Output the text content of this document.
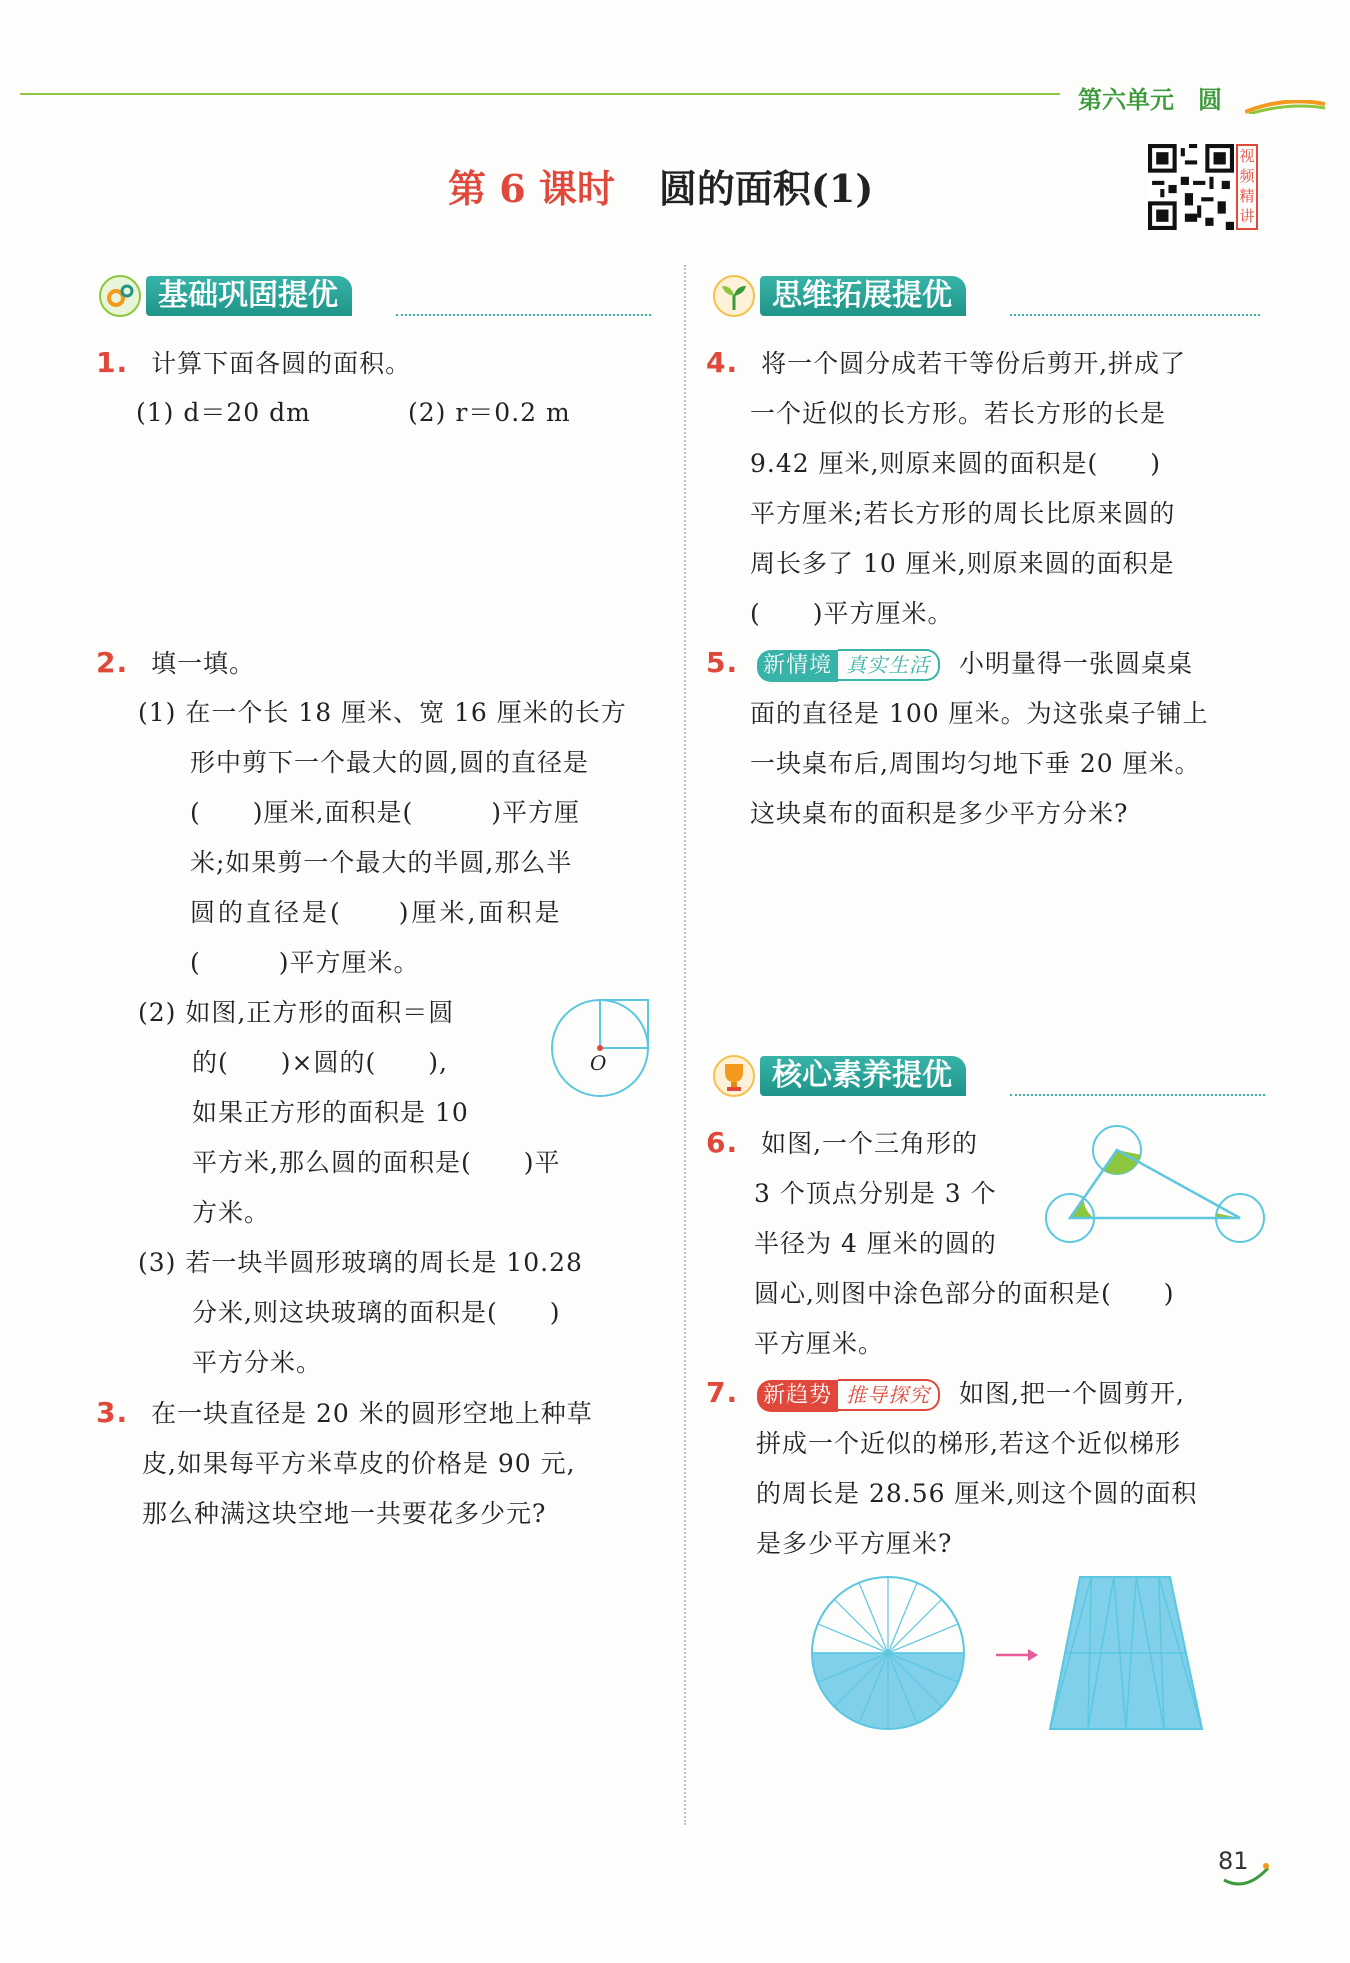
第六单元　圆
第 6 课时 圆的面积(1)
视频精讲
基础巩固提优
1. 计算下面各圆的面积。
(1) d＝20 dm	(2) r＝0.2 m
2. 填一填。
(1) 在一个长 18 厘米、宽 16 厘米的长方
形中剪下一个最大的圆,圆的直径是
(　　)厘米,面积是(　　　)平方厘
米;如果剪一个最大的半圆,那么半
圆的直径是(　　)厘米,面积是
(　　　)平方厘米。
(2) 如图,正方形的面积＝圆
的(　　)×圆的(　　),
如果正方形的面积是 10
平方米,那么圆的面积是(　　)平
方米。
O
(3) 若一块半圆形玻璃的周长是 10.28
分米,则这块玻璃的面积是(　　)
平方分米。
3. 在一块直径是 20 米的圆形空地上种草
皮,如果每平方米草皮的价格是 90 元,
那么种满这块空地一共要花多少元?
思维拓展提优
4. 将一个圆分成若干等份后剪开,拼成了
一个近似的长方形。若长方形的长是
9.42 厘米,则原来圆的面积是(　　)
平方厘米;若长方形的周长比原来圆的
周长多了 10 厘米,则原来圆的面积是
(　　)平方厘米。
5. 新情境 真实生活 小明量得一张圆桌桌
面的直径是 100 厘米。为这张桌子铺上
一块桌布后,周围均匀地下垂 20 厘米。
这块桌布的面积是多少平方分米?
核心素养提优
6. 如图,一个三角形的
3 个顶点分别是 3 个
半径为 4 厘米的圆的
圆心,则图中涂色部分的面积是(　　)
平方厘米。
7. 新趋势 推导探究 如图,把一个圆剪开,
拼成一个近似的梯形,若这个近似梯形
的周长是 28.56 厘米,则这个圆的面积
是多少平方厘米?
81
